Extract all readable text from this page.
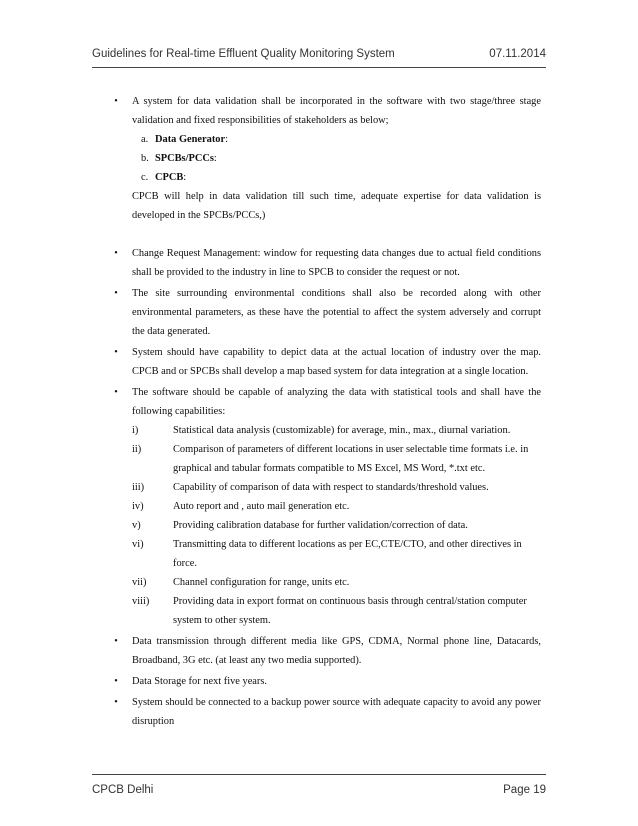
Guidelines for Real-time Effluent Quality Monitoring System	07.11.2014
•	A system for data validation shall be incorporated in the software with two stage/three stage validation and fixed responsibilities of stakeholders as below;
a. Data Generator:
b. SPCBs/PCCs:
c. CPCB:
CPCB will help in data validation till such time, adequate expertise for data validation is developed in the SPCBs/PCCs,)
•	Change Request Management: window for requesting data changes due to actual field conditions shall be provided to the industry in line to SPCB to consider the request or not.
•	The site surrounding environmental conditions shall also be recorded along with other environmental parameters, as these have the potential to affect the system adversely and corrupt the data generated.
•	System should have capability to depict data at the actual location of industry over the map. CPCB and or SPCBs shall develop a map based system for data integration at a single location.
•	The software should be capable of analyzing the data with statistical tools and shall have the following capabilities:
i)	Statistical data analysis (customizable) for average, min., max., diurnal variation.
ii)	Comparison of parameters of different locations in user selectable time formats i.e. in graphical and tabular formats compatible to MS Excel, MS Word, *.txt etc.
iii)	Capability of comparison of data with respect to standards/threshold values.
iv)	Auto report and , auto mail generation etc.
v)	Providing calibration database for further validation/correction of data.
vi)	Transmitting data to different locations as per EC,CTE/CTO, and other directives in force.
vii)	Channel configuration for range, units etc.
viii)	Providing data in export format on continuous basis through central/station computer system to other system.
•	Data transmission through different media like GPS, CDMA, Normal phone line, Datacards, Broadband, 3G etc. (at least any two media supported).
•	Data Storage for next five years.
•	System should be connected to a backup power source with adequate capacity to avoid any power disruption
CPCB Delhi	Page 19
